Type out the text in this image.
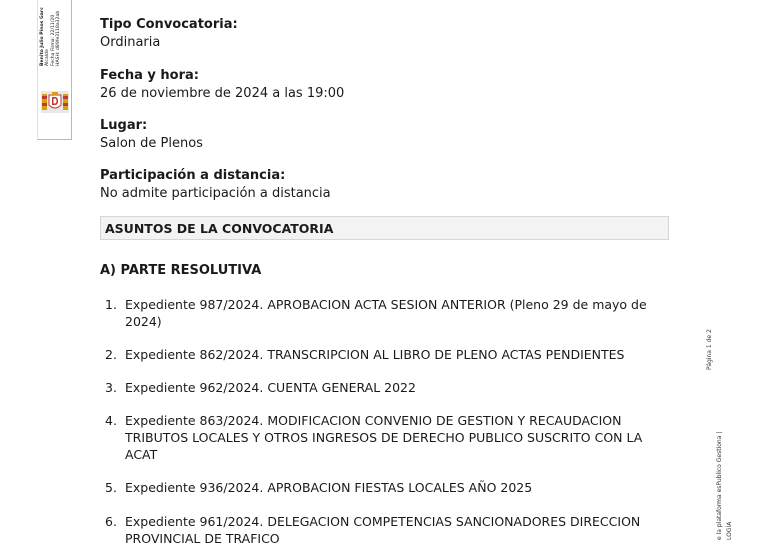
Benito Julio Pinos Garc Alcalde Fecha Firma: 22/11/20 HASH: d89fe3118a32ab	Tipo Convocatoria:
Ordinaria
Fecha y hora:
26 de noviembre de 2024 a las 19:00
Lugar:
Salon de Plenos
Participación a distancia:
No admite participación a distancia
ASUNTOS DE LA CONVOCATORIA
A) PARTE RESOLUTIVA
1. Expediente 987/2024. APROBACION ACTA SESION ANTERIOR (Pleno 29 de mayo de
2024)
2. Expediente 862/2024. TRANSCRIPCION AL LIBRO DE PLENO ACTAS PENDIENTES
3. Expediente 962/2024. CUENTA GENERAL 2022
4. Expediente 863/2024. MODIFICACION CONVENIO DE GESTION Y RECAUDACION
TRIBUTOS LOCALES Y OTROS INGRESOS DE DERECHO PUBLICO SUSCRITO CON LA
ACAT
5. Expediente 936/2024. APROBACION FIESTAS LOCALES AÑO 2025
6. Expediente 961/2024. DELEGACION COMPETENCIAS SANCIONADORES DIRECCION
PROVINCIAL DE TRAFICO
Página 1 de 2
e la plataforma esPublico Gestiona | LOGÍA
